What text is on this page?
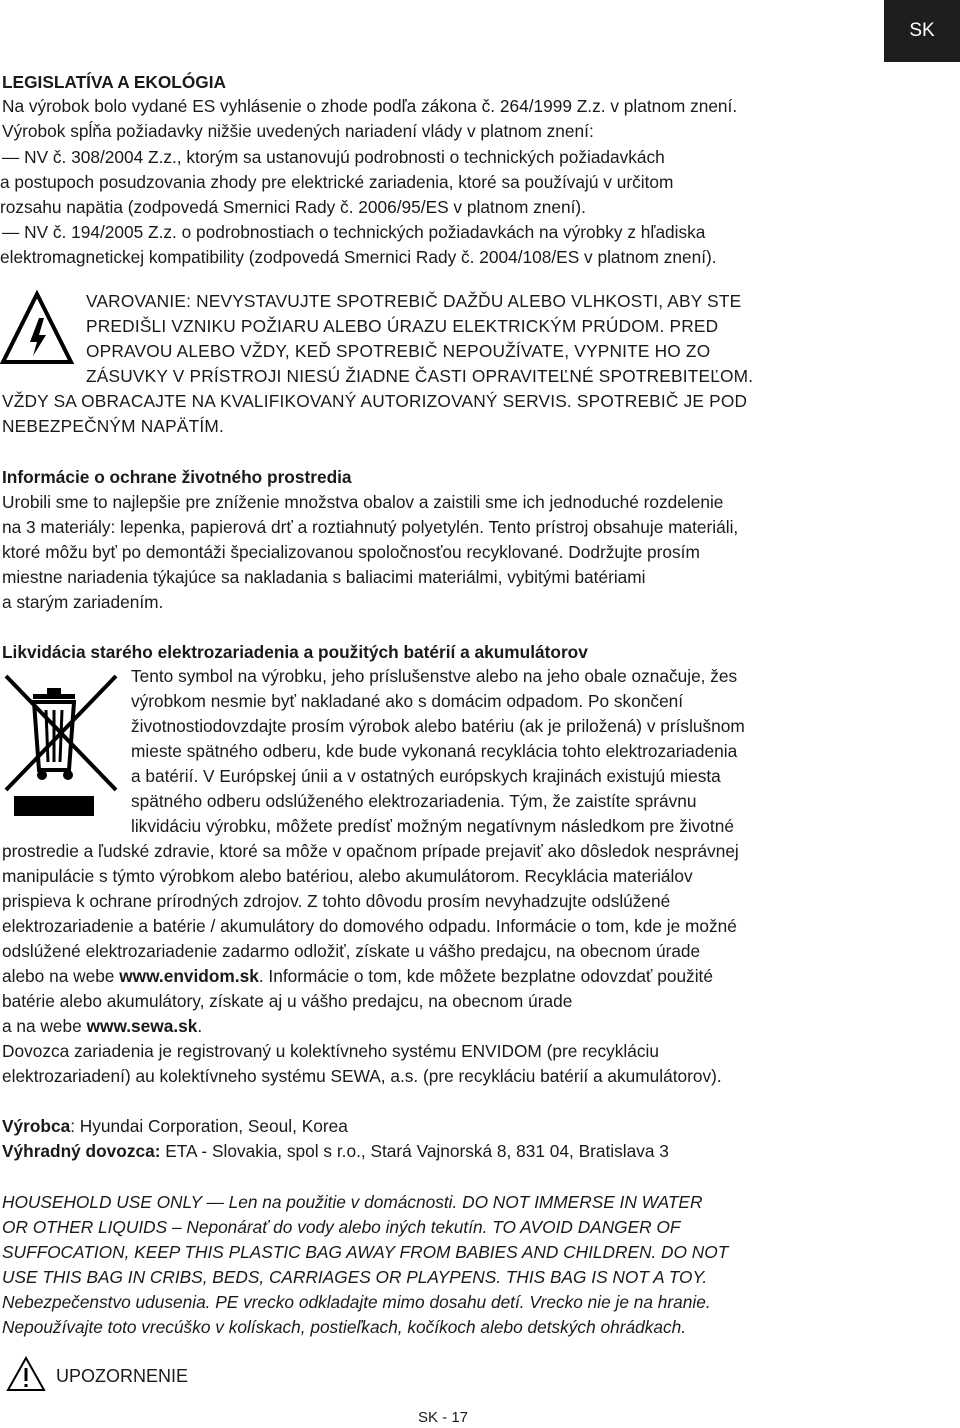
SK
LEGISLATÍVA A EKOLÓGIA
Na výrobok bolo vydané ES vyhlásenie o zhode podľa zákona č. 264/1999 Z.z. v platnom znení.
Výrobok spĺňa požiadavky nižšie uvedených nariadení vlády v platnom znení:
— NV č. 308/2004 Z.z., ktorým sa ustanovujú podrobnosti o technických požiadavkách
a postupoch posudzovania zhody pre elektrické zariadenia, ktoré sa používajú v určitom
rozsahu napätia (zodpovedá Smernici Rady č. 2006/95/ES v platnom znení).
— NV č. 194/2005 Z.z. o podrobnostiach o technických požiadavkách na výrobky z hľadiska
elektromagnetickej kompatibility (zodpovedá Smernici Rady č. 2004/108/ES v platnom znení).
VAROVANIE: NEVYSTAVUJTE SPOTREBIČ DAŽĎU ALEBO VLHKOSTI, ABY STE
PREDIŠLI VZNIKU POŽIARU ALEBO ÚRAZU ELEKTRICKÝM PRÚDOM. PRED
OPRAVOU ALEBO VŽDY, KEĎ SPOTREBIČ NEPOUŽÍVATE, VYPNITE HO ZO
ZÁSUVKY V PRÍSTROJI NIESÚ ŽIADNE ČASTI OPRAVITEĽNÉ SPOTREBITEĽOM.
VŽDY SA OBRACAJTE NA KVALIFIKOVANÝ AUTORIZOVANÝ SERVIS. SPOTREBIČ JE POD
NEBEZPEČNÝM NAPÄTÍM.
Informácie o ochrane životného prostredia
Urobili sme to najlepšie pre zníženie množstva obalov a zaistili sme ich jednoduché rozdelenie
na 3 materiály: lepenka, papierová drť a roztiahnutý polyetylén. Tento prístroj obsahuje materiáli,
ktoré môžu byť po demontáži špecializovanou spoločnosťou recyklované. Dodržujte prosím
miestne nariadenia týkajúce sa nakladania s baliacimi materiálmi, vybitými batériami
a starým zariadením.
Likvidácia starého elektrozariadenia a použitých batérií a akumulátorov
Tento symbol na výrobku, jeho príslušenstve alebo na jeho obale označuje, žes
výrobkom nesmie byť nakladané ako s domácim odpadom. Po skončení
životnostiodovzdajte prosím výrobok alebo batériu (ak je priložená) v príslušnom
mieste spätného odberu, kde bude vykonaná recyklácia tohto elektrozariadenia
a batérií. V Európskej únii a v ostatných európskych krajinách existujú miesta
spätného odberu odslúženého elektrozariadenia. Tým, že zaistíte správnu
likvidáciu výrobku, môžete predísť možným negatívnym následkom pre životné
prostredie a ľudské zdravie, ktoré sa môže v opačnom prípade prejaviť ako dôsledok nesprávnej
manipulácie s týmto výrobkom alebo batériou, alebo akumulátorom. Recyklácia materiálov
prispieva k ochrane prírodných zdrojov. Z tohto dôvodu prosím nevyhadzujte odslúžené
elektrozariadenie a batérie / akumulátory do domového odpadu. Informácie o tom, kde je možné
odslúžené elektrozariadenie zadarmo odložiť, získate u vášho predajcu, na obecnom úrade
alebo na webe www.envidom.sk. Informácie o tom, kde môžete bezplatne odovzdať použité
batérie alebo akumulátory, získate aj u vášho predajcu, na obecnom úrade
a na webe www.sewa.sk.
Dovozca zariadenia je registrovaný u kolektívneho systému ENVIDOM (pre recykláciu
elektrozariadení) au kolektívneho systému SEWA, a.s. (pre recykláciu batérií a akumulátorov).
Výrobca: Hyundai Corporation, Seoul, Korea
Výhradný dovozca: ETA - Slovakia, spol s r.o., Stará Vajnorská 8, 831 04, Bratislava 3
HOUSEHOLD USE ONLY — Len na použitie v domácnosti. DO NOT IMMERSE IN WATER
OR OTHER LIQUIDS – Neponárať do vody alebo iných tekutín. TO AVOID DANGER OF
SUFFOCATION, KEEP THIS PLASTIC BAG AWAY FROM BABIES AND CHILDREN. DO NOT
USE THIS BAG IN CRIBS, BEDS, CARRIAGES OR PLAYPENS. THIS BAG IS NOT A TOY.
Nebezpečenstvo udusenia. PE vrecko odkladajte mimo dosahu detí. Vrecko nie je na hranie.
Nepoužívajte toto vrecúško v kolískach, postieľkach, kočíkoch alebo detských ohrádkach.
UPOZORNENIE
SK - 17
